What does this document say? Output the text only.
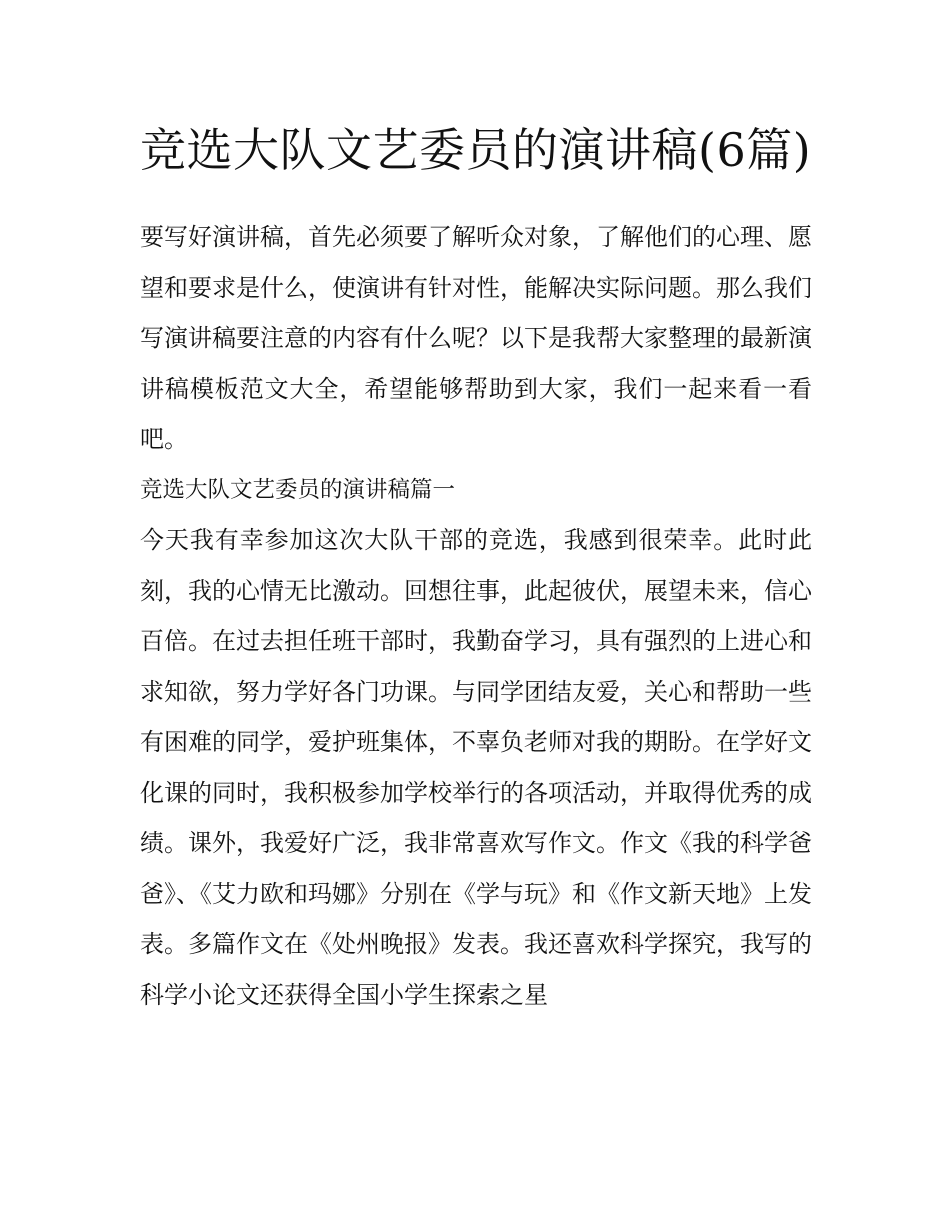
竞选大队文艺委员的演讲稿(6篇)

要写好演讲稿，首先必须要了解听众对象，了解他们的心理、愿望和要求是什么，使演讲有针对性，能解决实际问题。那么我们写演讲稿要注意的内容有什么呢？以下是我帮大家整理的最新演讲稿模板范文大全，希望能够帮助到大家，我们一起来看一看吧。

竞选大队文艺委员的演讲稿篇一

今天我有幸参加这次大队干部的竞选，我感到很荣幸。此时此刻，我的心情无比激动。回想往事，此起彼伏，展望未来，信心百倍。在过去担任班干部时，我勤奋学习，具有强烈的上进心和求知欲，努力学好各门功课。与同学团结友爱，关心和帮助一些有困难的同学，爱护班集体，不辜负老师对我的期盼。在学好文化课的同时，我积极参加学校举行的各项活动，并取得优秀的成绩。课外，我爱好广泛，我非常喜欢写作文。作文《我的科学爸爸》、《艾力欧和玛娜》分别在《学与玩》和《作文新天地》上发表。多篇作文在《处州晚报》发表。我还喜欢科学探究，我写的科学小论文还获得全国小学生探索之星
